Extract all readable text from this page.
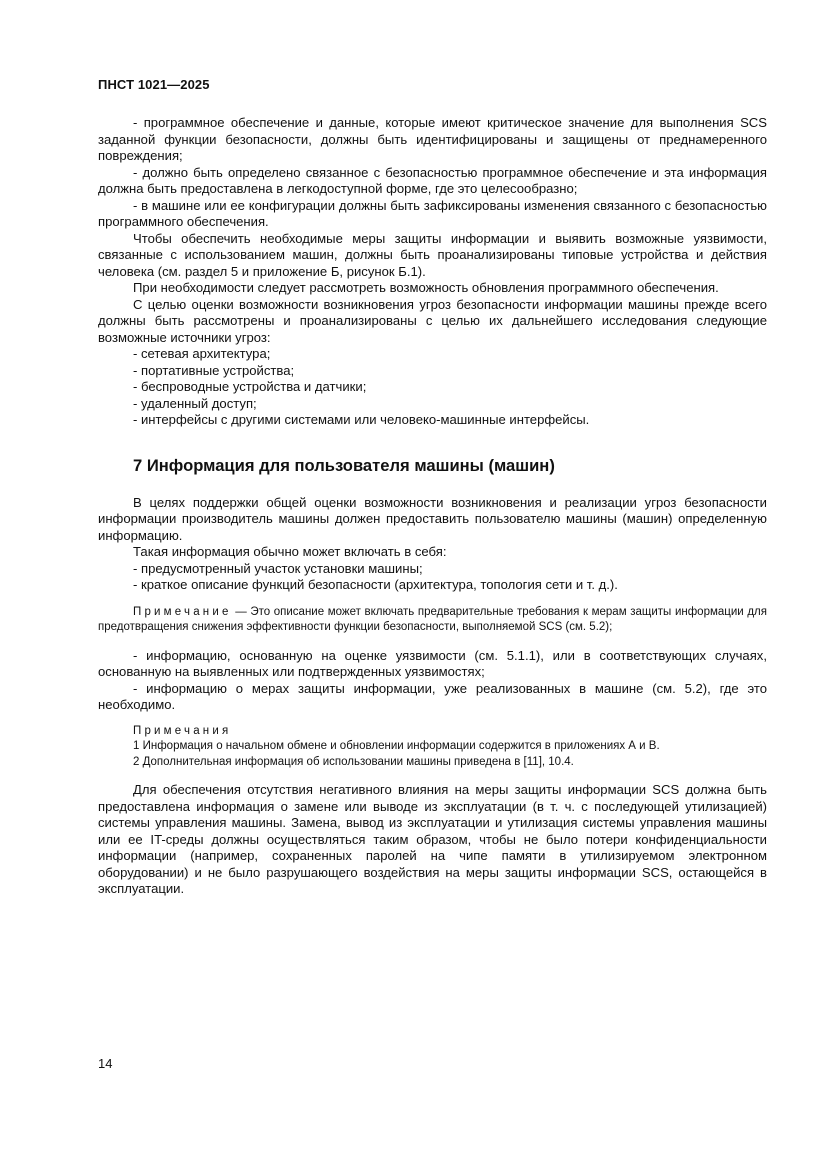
ПНСТ 1021—2025

- программное обеспечение и данные, которые имеют критическое значение для выполнения SCS заданной функции безопасности, должны быть идентифицированы и защищены от преднамеренного повреждения;

- должно быть определено связанное с безопасностью программное обеспечение и эта информация должна быть предоставлена в легкодоступной форме, где это целесообразно;

- в машине или ее конфигурации должны быть зафиксированы изменения связанного с безопасностью программного обеспечения.

Чтобы обеспечить необходимые меры защиты информации и выявить возможные уязвимости, связанные с использованием машин, должны быть проанализированы типовые устройства и действия человека (см. раздел 5 и приложение Б, рисунок Б.1).

При необходимости следует рассмотреть возможность обновления программного обеспечения.

С целью оценки возможности возникновения угроз безопасности информации машины прежде всего должны быть рассмотрены и проанализированы с целью их дальнейшего исследования следующие возможные источники угроз:

- сетевая архитектура;

- портативные устройства;

- беспроводные устройства и датчики;

- удаленный доступ;

- интерфейсы с другими системами или человеко-машинные интерфейсы.

7 Информация для пользователя машины (машин)

В целях поддержки общей оценки возможности возникновения и реализации угроз безопасности информации производитель машины должен предоставить пользователю машины (машин) определенную информацию.

Такая информация обычно может включать в себя:

- предусмотренный участок установки машины;

- краткое описание функций безопасности (архитектура, топология сети и т. д.).

Примечание — Это описание может включать предварительные требования к мерам защиты информации для предотвращения снижения эффективности функции безопасности, выполняемой SCS (см. 5.2);

- информацию, основанную на оценке уязвимости (см. 5.1.1), или в соответствующих случаях, основанную на выявленных или подтвержденных уязвимостях;

- информацию о мерах защиты информации, уже реализованных в машине (см. 5.2), где это необходимо.

Примечания
1 Информация о начальном обмене и обновлении информации содержится в приложениях А и В.
2 Дополнительная информация об использовании машины приведена в [11], 10.4.

Для обеспечения отсутствия негативного влияния на меры защиты информации SCS должна быть предоставлена информация о замене или выводе из эксплуатации (в т. ч. с последующей утилизацией) системы управления машины. Замена, вывод из эксплуатации и утилизация системы управления машины или ее IT-среды должны осуществляться таким образом, чтобы не было потери конфиденциальности информации (например, сохраненных паролей на чипе памяти в утилизируемом электронном оборудовании) и не было разрушающего воздействия на меры защиты информации SCS, остающейся в эксплуатации.

14
